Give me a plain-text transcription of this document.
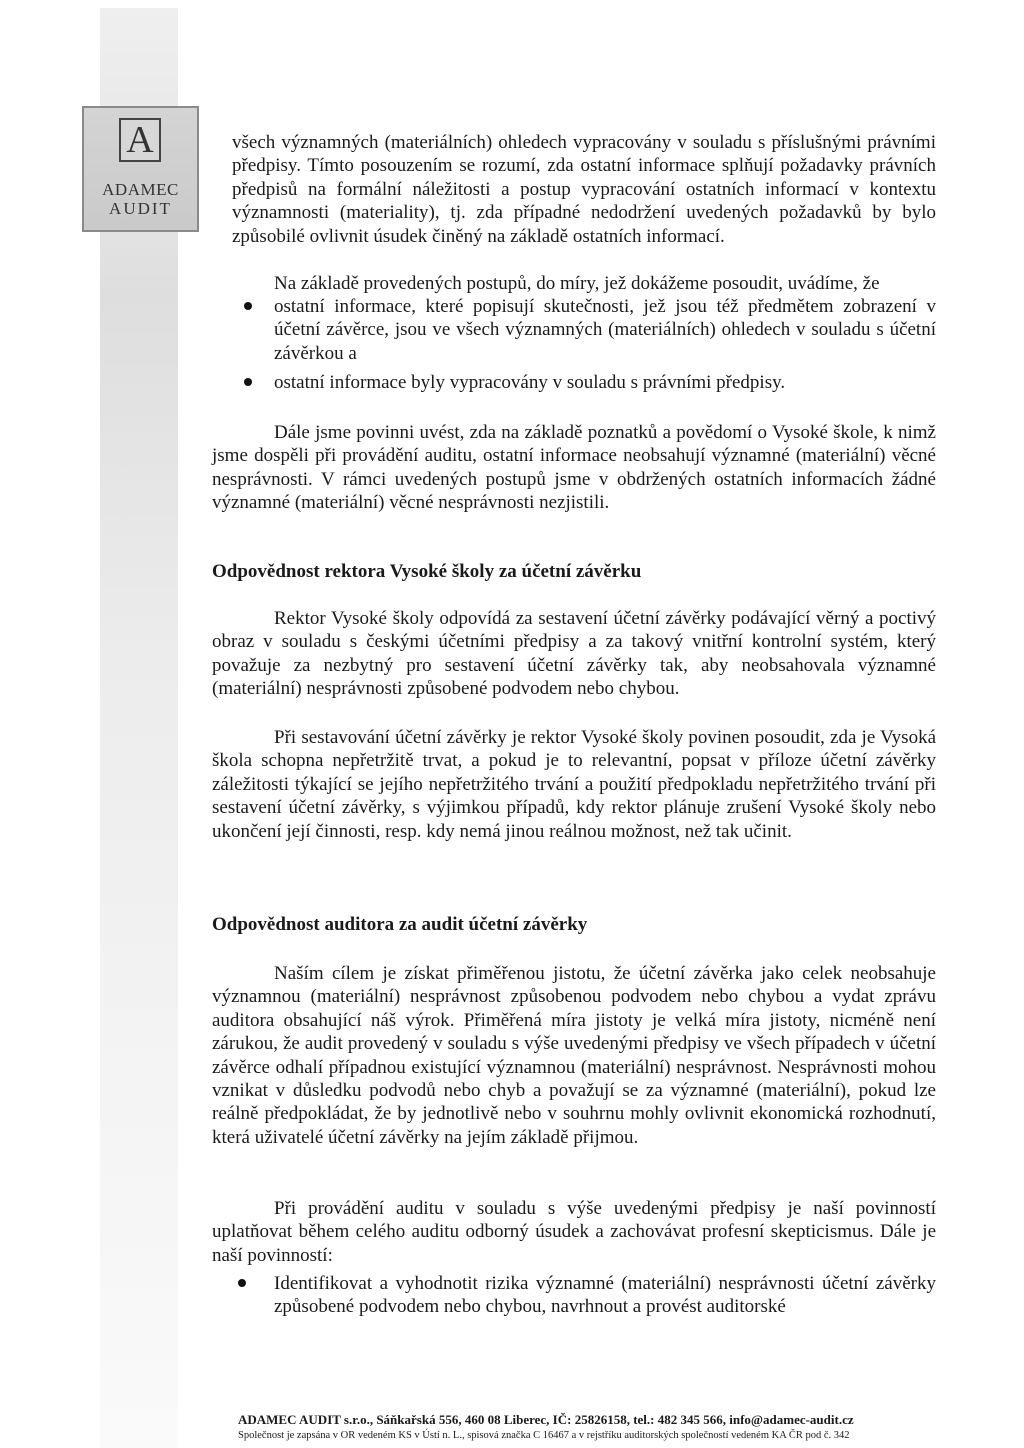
A
ADAMEC
AUDIT

všech významných (materiálních) ohledech vypracovány v souladu s příslušnými právními předpisy. Tímto posouzením se rozumí, zda ostatní informace splňují požadavky právních předpisů na formální náležitosti a postup vypracování ostatních informací v kontextu významnosti (materiality), tj. zda případné nedodržení uvedených požadavků by bylo způsobilé ovlivnit úsudek činěný na základě ostatních informací.

Na základě provedených postupů, do míry, jež dokážeme posoudit, uvádíme, že

ostatní informace, které popisují skutečnosti, jež jsou též předmětem zobrazení v účetní závěrce, jsou ve všech významných (materiálních) ohledech v souladu s účetní závěrkou a

ostatní informace byly vypracovány v souladu s právními předpisy.

Dále jsme povinni uvést, zda na základě poznatků a povědomí o Vysoké škole, k nimž jsme dospěli při provádění auditu, ostatní informace neobsahují významné (materiální) věcné nesprávnosti. V rámci uvedených postupů jsme v obdržených ostatních informacích žádné významné (materiální) věcné nesprávnosti nezjistili.

Odpovědnost rektora Vysoké školy za účetní závěrku

Rektor Vysoké školy odpovídá za sestavení účetní závěrky podávající věrný a poctivý obraz v souladu s českými účetními předpisy a za takový vnitřní kontrolní systém, který považuje za nezbytný pro sestavení účetní závěrky tak, aby neobsahovala významné (materiální) nesprávnosti způsobené podvodem nebo chybou.

Při sestavování účetní závěrky je rektor Vysoké školy povinen posoudit, zda je Vysoká škola schopna nepřetržitě trvat, a pokud je to relevantní, popsat v příloze účetní závěrky záležitosti týkající se jejího nepřetržitého trvání a použití předpokladu nepřetržitého trvání při sestavení účetní závěrky, s výjimkou případů, kdy rektor plánuje zrušení Vysoké školy nebo ukončení její činnosti, resp. kdy nemá jinou reálnou možnost, než tak učinit.

Odpovědnost auditora za audit účetní závěrky

Naším cílem je získat přiměřenou jistotu, že účetní závěrka jako celek neobsahuje významnou (materiální) nesprávnost způsobenou podvodem nebo chybou a vydat zprávu auditora obsahující náš výrok. Přiměřená míra jistoty je velká míra jistoty, nicméně není zárukou, že audit provedený v souladu s výše uvedenými předpisy ve všech případech v účetní závěrce odhalí případnou existující významnou (materiální) nesprávnost. Nesprávnosti mohou vznikat v důsledku podvodů nebo chyb a považují se za významné (materiální), pokud lze reálně předpokládat, že by jednotlivě nebo v souhrnu mohly ovlivnit ekonomická rozhodnutí, která uživatelé účetní závěrky na jejím základě přijmou.

Při provádění auditu v souladu s výše uvedenými předpisy je naší povinností uplatňovat během celého auditu odborný úsudek a zachovávat profesní skepticismus. Dále je naší povinností:

Identifikovat a vyhodnotit rizika významné (materiální) nesprávnosti účetní závěrky způsobené podvodem nebo chybou, navrhnout a provést auditorské

ADAMEC AUDIT s.r.o., Sáňkařská 556, 460 08 Liberec, IČ: 25826158, tel.: 482 345 566, info@adamec-audit.cz
Společnost je zapsána v OR vedeném KS v Ústí n. L., spisová značka C 16467 a v rejstříku auditorských společností vedeném KA ČR pod č. 342
